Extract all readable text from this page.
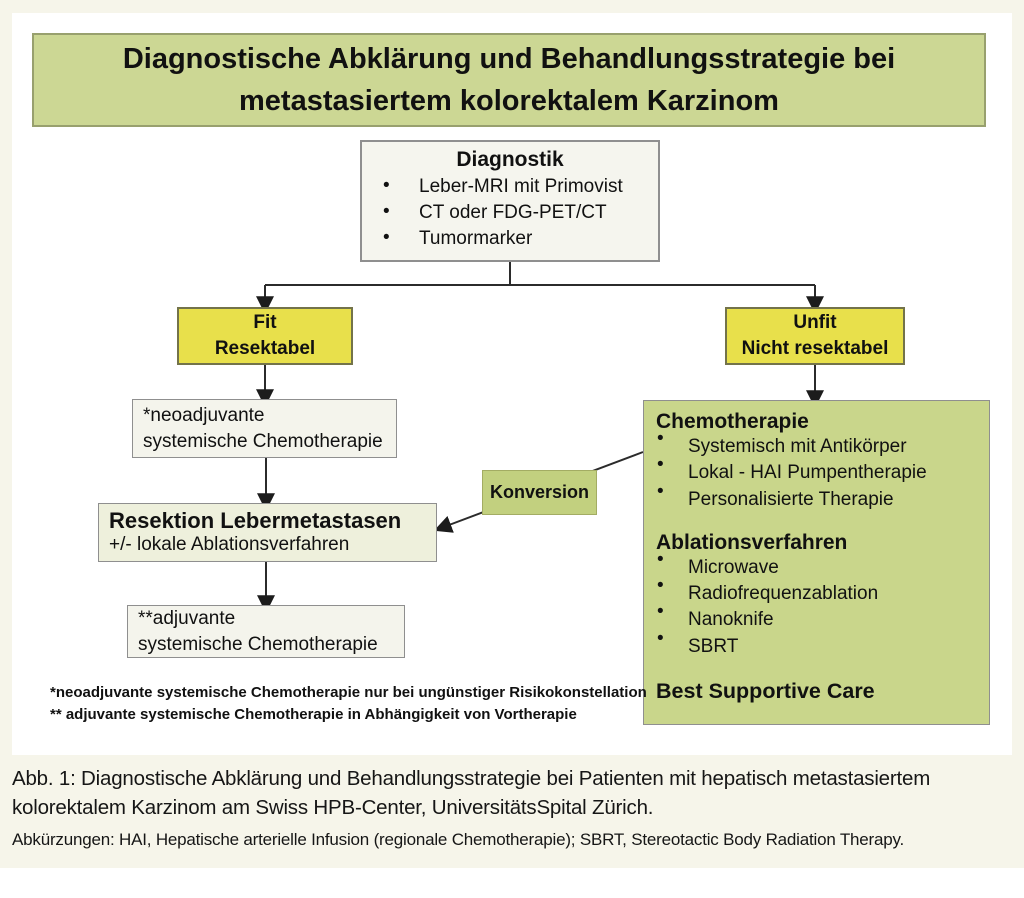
Diagnostische Abklärung und Behandlungsstrategie bei metastasiertem kolorektalem Karzinom
Diagnostik
• Leber-MRI mit Primovist
• CT oder FDG-PET/CT
• Tumormarker
Fit
Resektabel
Unfit
Nicht resektabel
*neoadjuvante
systemische Chemotherapie
Resektion Lebermetastasen
+/- lokale Ablationsverfahren
Konversion
**adjuvante
systemische Chemotherapie
Chemotherapie
• Systemisch mit Antikörper
• Lokal - HAI Pumpentherapie
• Personalisierte Therapie
Ablationsverfahren
• Microwave
• Radiofrequenzablation
• Nanoknife
• SBRT
Best Supportive Care
*neoadjuvante systemische Chemotherapie nur bei ungünstiger Risikokonstellation
** adjuvante systemische Chemotherapie in Abhängigkeit von Vortherapie

Abb. 1: Diagnostische Abklärung und Behandlungsstrategie bei Patienten mit hepatisch metastasiertem kolorektalem Karzinom am Swiss HPB-Center, UniversitätsSpital Zürich.

Abkürzungen: HAI, Hepatische arterielle Infusion (regionale Chemotherapie); SBRT, Stereotactic Body Radiation Therapy.
